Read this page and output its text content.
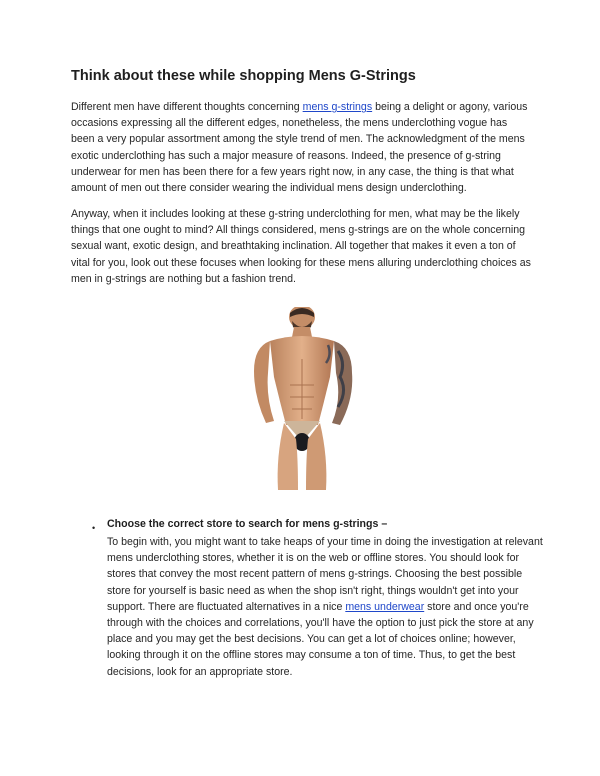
Think about these while shopping Mens G-Strings

Different men have different thoughts concerning mens g-strings being a delight or agony, various occasions expressing all the different edges, nonetheless, the mens underclothing vogue has been a very popular assortment among the style trend of men. The acknowledgment of the mens exotic underclothing has such a major measure of reasons. Indeed, the presence of g-string underwear for men has been there for a few years right now, in any case, the thing is that what amount of men out there consider wearing the individual mens design underclothing.

Anyway, when it includes looking at these g-string underclothing for men, what may be the likely things that one ought to mind? All things considered, mens g-strings are on the whole concerning sexual want, exotic design, and breathtaking inclination. All together that makes it even a ton of vital for you, look out these focuses when looking for these mens alluring underclothing choices as men in g-strings are nothing but a fashion trend.

• Choose the correct store to search for mens g-strings –

To begin with, you might want to take heaps of your time in doing the investigation at relevant mens underclothing stores, whether it is on the web or offline stores. You should look for stores that convey the most recent pattern of mens g-strings. Choosing the best possible store for yourself is basic need as when the shop isn't right, things wouldn't get into your support. There are fluctuated alternatives in a nice mens underwear store and once you're through with the choices and correlations, you'll have the option to just pick the store at any place and you may get the best decisions. You can get a lot of choices online; however, looking through it on the offline stores may consume a ton of time. Thus, to get the best decisions, look for an appropriate store.
